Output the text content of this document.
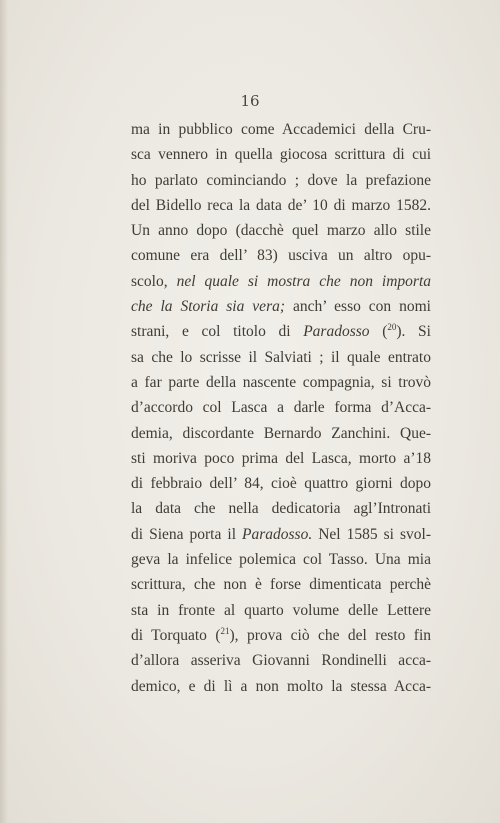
16
ma in pubblico come Accademici della Cru-
sca vennero in quella giocosa scrittura di cui
ho parlato cominciando ; dove la prefazione
del Bidello reca la data de’ 10 di marzo 1582.
Un anno dopo (dacchè quel marzo allo stile
comune era dell’ 83) usciva un altro opu-
scolo, nel quale si mostra che non importa
che la Storia sia vera; anch’ esso con nomi
strani, e col titolo di Paradosso ($^{20}$). Si
sa che lo scrisse il Salviati ; il quale entrato
a far parte della nascente compagnia, si trovò
d’accordo col Lasca a darle forma d’Acca-
demia, discordante Bernardo Zanchini. Que-
sti moriva poco prima del Lasca, morto a’18
di febbraio dell’ 84, cioè quattro giorni dopo
la data che nella dedicatoria agl’Intronati
di Siena porta il Paradosso. Nel 1585 si svol-
geva la infelice polemica col Tasso. Una mia
scrittura, che non è forse dimenticata perchè
sta in fronte al quarto volume delle Lettere
di Torquato ($^{21}$), prova ciò che del resto fin
d’allora asseriva Giovanni Rondinelli acca-
demico, e di lì a non molto la stessa Acca-
